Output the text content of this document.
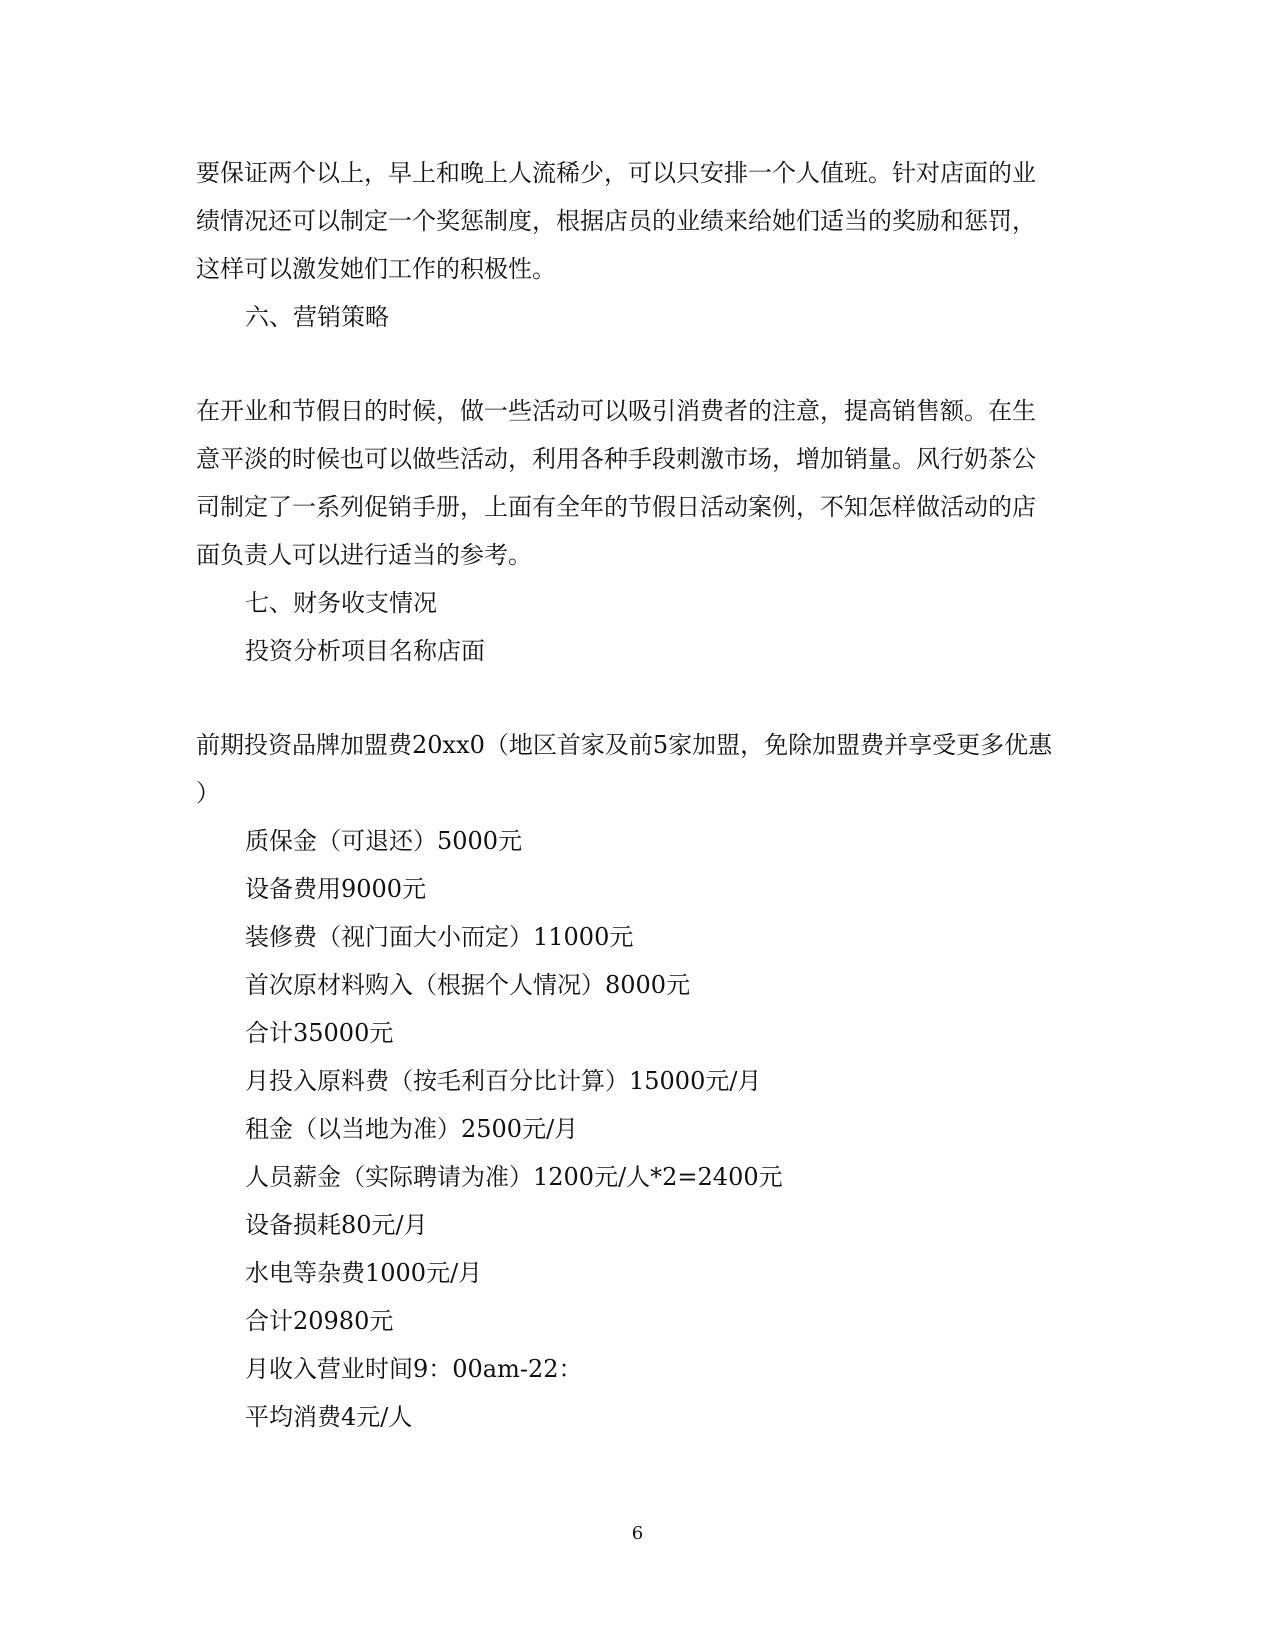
要保证两个以上，早上和晚上人流稀少，可以只安排一个人值班。针对店面的业
绩情况还可以制定一个奖惩制度，根据店员的业绩来给她们适当的奖励和惩罚，
这样可以激发她们工作的积极性。
六、营销策略
在开业和节假日的时候，做一些活动可以吸引消费者的注意，提高销售额。在生
意平淡的时候也可以做些活动，利用各种手段刺激市场，增加销量。风行奶茶公
司制定了一系列促销手册，上面有全年的节假日活动案例，不知怎样做活动的店
面负责人可以进行适当的参考。
七、财务收支情况
投资分析项目名称店面
前期投资品牌加盟费20xx0（地区首家及前5家加盟，免除加盟费并享受更多优惠
）
质保金（可退还）5000元
设备费用9000元
装修费（视门面大小而定）11000元
首次原材料购入（根据个人情况）8000元
合计35000元
月投入原料费（按毛利百分比计算）15000元/月
租金（以当地为准）2500元/月
人员薪金（实际聘请为准）1200元/人*2=2400元
设备损耗80元/月
水电等杂费1000元/月
合计20980元
月收入营业时间9：00am-22：
平均消费4元/人
6
